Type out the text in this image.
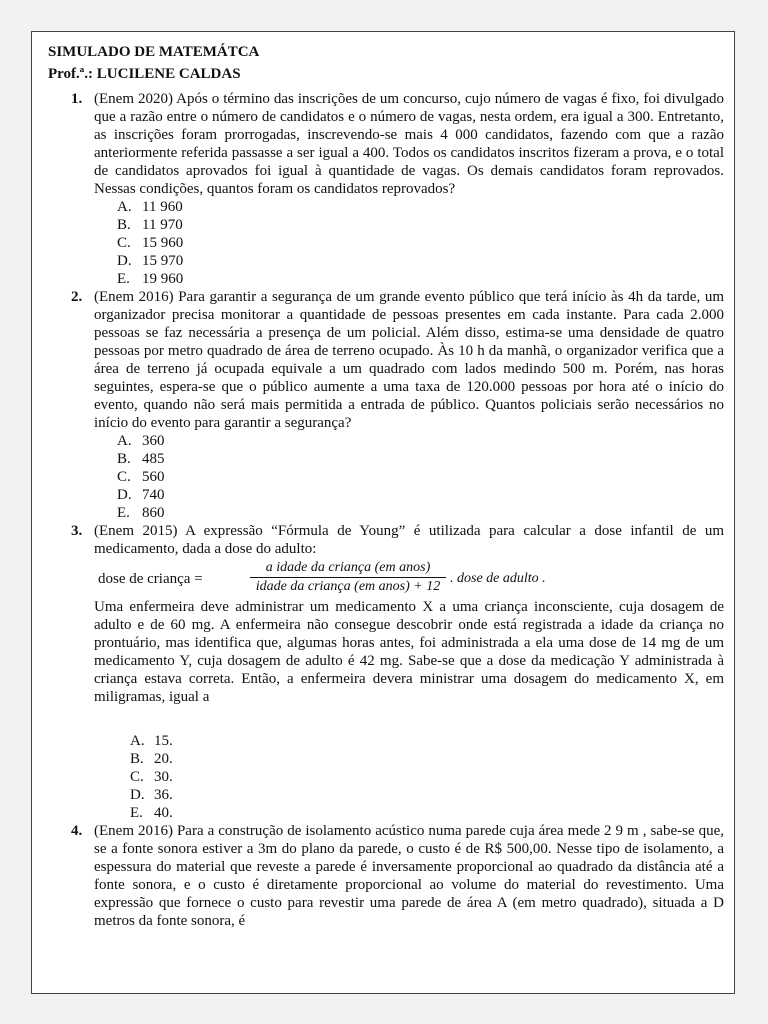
SIMULADO DE MATEMÁTCA

Prof.ª.: LUCILENE CALDAS

1. (Enem 2020) Após o término das inscrições de um concurso, cujo número de vagas é fixo, foi divulgado que a razão entre o número de candidatos e o número de vagas, nesta ordem, era igual a 300. Entretanto, as inscrições foram prorrogadas, inscrevendo-se mais 4 000 candidatos, fazendo com que a razão anteriormente referida passasse a ser igual a 400. Todos os candidatos inscritos fizeram a prova, e o total de candidatos aprovados foi igual à quantidade de vagas. Os demais candidatos foram reprovados. Nessas condições, quantos foram os candidatos reprovados?

A. 11 960
B. 11 970
C. 15 960
D. 15 970
E. 19 960
2. (Enem 2016) Para garantir a segurança de um grande evento público que terá início às 4h da tarde, um organizador precisa monitorar a quantidade de pessoas presentes em cada instante. Para cada 2.000 pessoas se faz necessária a presença de um policial. Além disso, estima-se uma densidade de quatro pessoas por metro quadrado de área de terreno ocupado. Às 10 h da manhã, o organizador verifica que a área de terreno já ocupada equivale a um quadrado com lados medindo 500 m. Porém, nas horas seguintes, espera-se que o público aumente a uma taxa de 120.000 pessoas por hora até o início do evento, quando não será mais permitida a entrada de público. Quantos policiais serão necessários no início do evento para garantir a segurança?

A. 360
B. 485
C. 560
D. 740
E. 860
3. (Enem 2015) A expressão “Fórmula de Young” é utilizada para calcular a dose infantil de um medicamento, dada a dose do adulto:

dose de criança =
a idade da criança (em anos)
idade da criança (em anos) + 12
. dose de adulto .

Uma enfermeira deve administrar um medicamento X a uma criança inconsciente, cuja dosagem de adulto e de 60 mg. A enfermeira não consegue descobrir onde está registrada a idade da criança no prontuário, mas identifica que, algumas horas antes, foi administrada a ela uma dose de 14 mg de um medicamento Y, cuja dosagem de adulto é 42 mg. Sabe-se que a dose da medicação Y administrada à criança estava correta. Então, a enfermeira devera ministrar uma dosagem do medicamento X, em miligramas, igual a

A. 15.
B. 20.
C. 30.
D. 36.
E. 40.
4. (Enem 2016) Para a construção de isolamento acústico numa parede cuja área mede 2 9 m , sabe-se que, se a fonte sonora estiver a 3m do plano da parede, o custo é de R$ 500,00. Nesse tipo de isolamento, a espessura do material que reveste a parede é inversamente proporcional ao quadrado da distância até a fonte sonora, e o custo é diretamente proporcional ao volume do material do revestimento. Uma expressão que fornece o custo para revestir uma parede de área A (em metro quadrado), situada a D metros da fonte sonora, é
